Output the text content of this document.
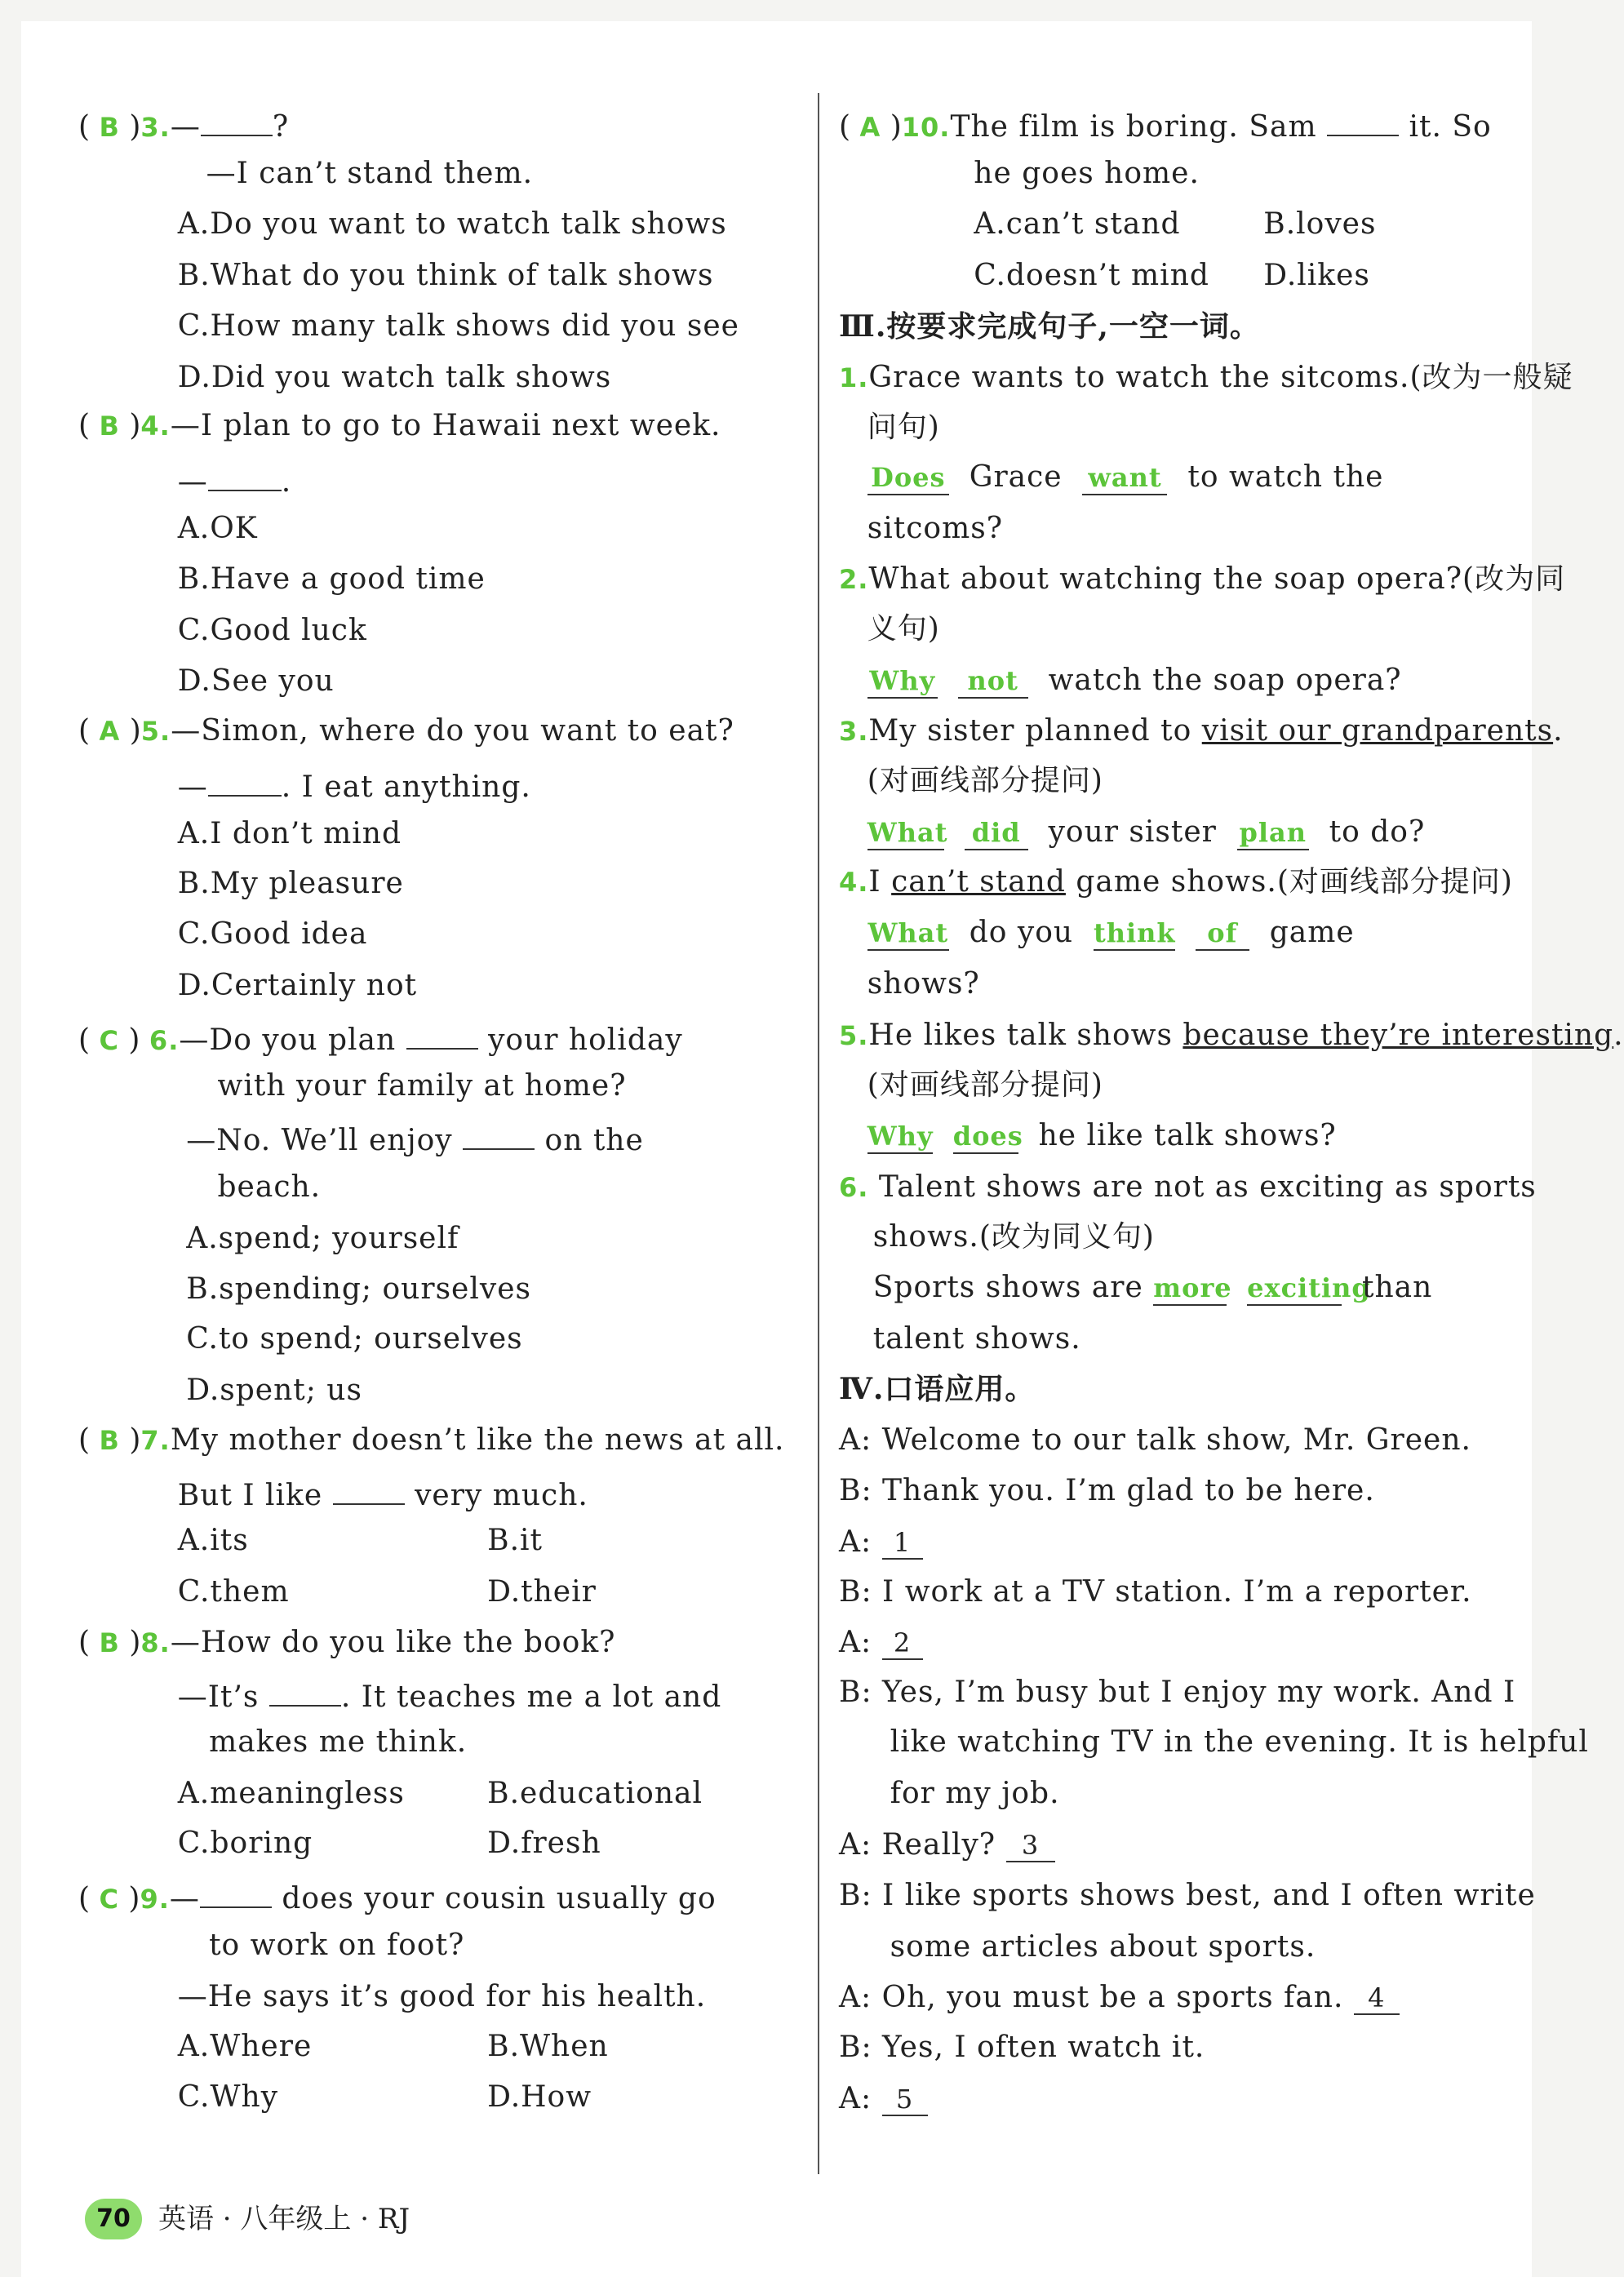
( B )3.— ?
—I can’t stand them.
A.Do you want to watch talk shows
B.What do you think of talk shows
C.How many talk shows did you see
D.Did you watch talk shows
( B )4.—I plan to go to Hawaii next week.
—	.
A.OK
B.Have a good time
C.Good luck
D.See you
( A )5.—Simon, where do you want to eat?
—	. I eat anything.
A.I don’t mind
B.My pleasure
C.Good idea
D.Certainly not
( C ) 6.—Do you plan	your holiday
with your family at home?
—No. We’ll enjoy	on the
beach.
A.spend; yourself
B.spending; ourselves
C.to spend; ourselves
D.spent; us
( B )7.My mother doesn’t like the news at all.
But I like	very much.
A.its	B.it
C.them	D.their
( B )8.—How do you like the book?
—It’s	. It teaches me a lot and
makes me think.
A.meaningless	B.educational
C.boring	D.fresh
( C )9.—	does your cousin usually go
to work on foot?
—He says it’s good for his health.
A.Where	B.When
C.Why	D.How
( A )10.The film is boring. Sam	it. So
he goes home.
A.can’t stand	B.loves
C.doesn’t mind D.likes
Ⅲ.按要求完成句子,一空一词。
1.Grace wants to watch the sitcoms.(改为一般疑
问句)
Does Grace want to watch the
sitcoms?
2.What about watching the soap opera?(改为同
义句)
Why not watch the soap opera?
3.My sister planned to visit our grandparents.
(对画线部分提问)
What did your sister plan to do?
4.I can’t stand game shows.(对画线部分提问)
What do you think of game
shows?
5.He likes talk shows because they’re interesting.
(对画线部分提问)
Why does he like talk shows?
6. Talent shows are not as exciting as sports
shows.(改为同义句)
Sports shows are more exciting  than
talent shows.
Ⅳ.口语应用。
A: Welcome to our talk show, Mr. Green.
B: Thank you. I’m glad to be here.
A: 1
B: I work at a TV station. I’m a reporter.
A: 2
B: Yes, I’m busy but I enjoy my work. And I
like watching TV in the evening. It is helpful
for my job.
A: Really? 3
B: I like sports shows best, and I often write
some articles about sports.
A: Oh, you must be a sports fan. 4
B: Yes, I often watch it.
A: 5
70	英语 · 八年级上 · RJ
